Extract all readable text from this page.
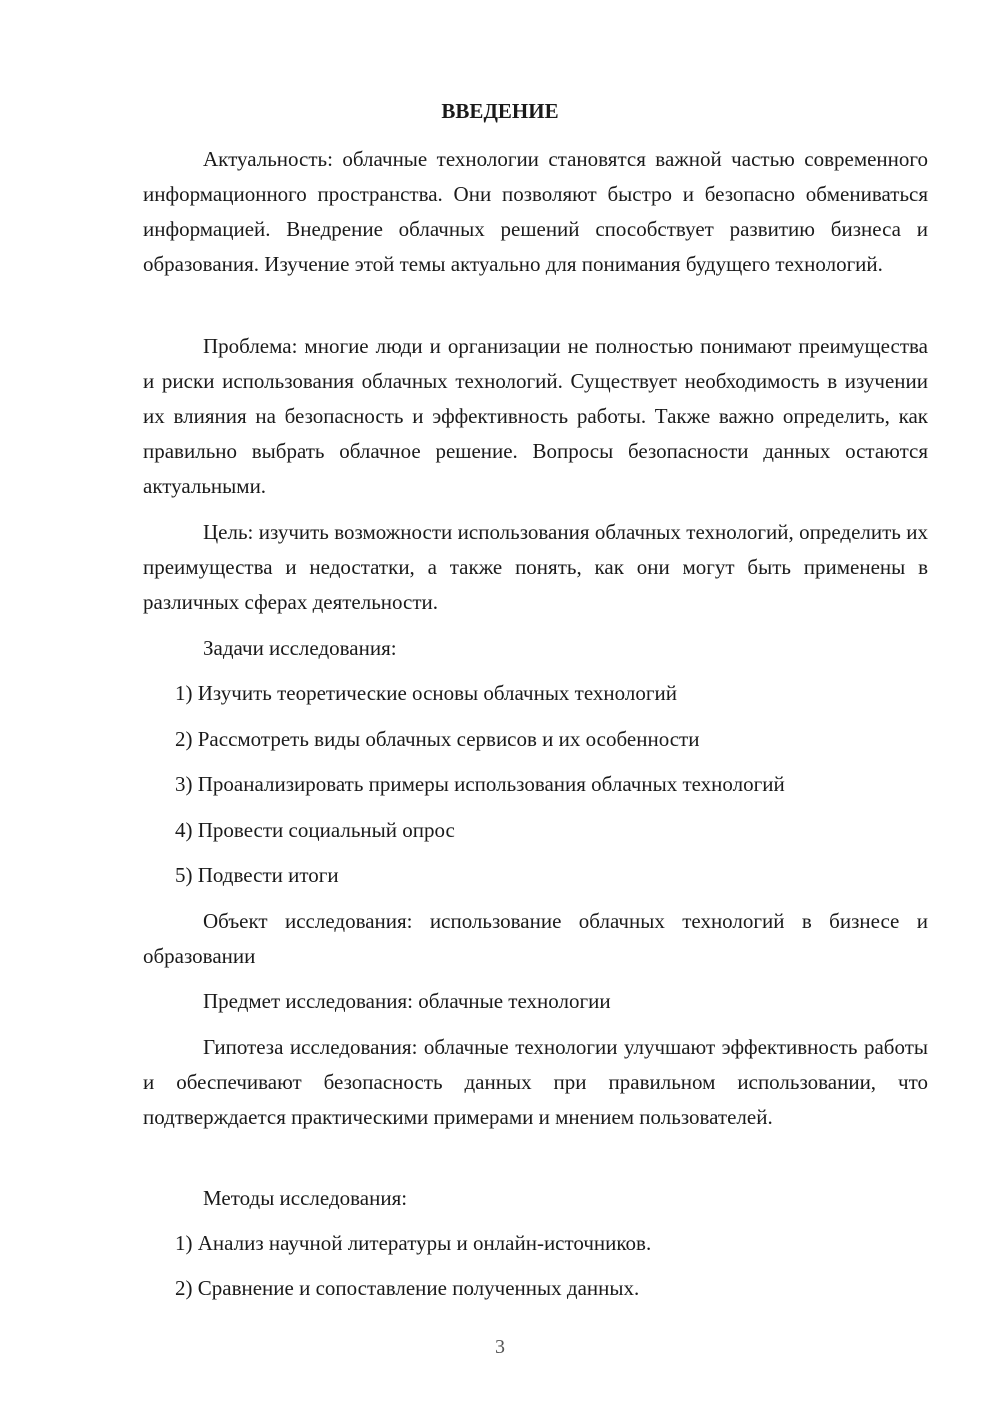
ВВЕДЕНИЕ

Актуальность: облачные технологии становятся важной частью современного информационного пространства. Они позволяют быстро и безопасно обмениваться информацией. Внедрение облачных решений способствует развитию бизнеса и образования. Изучение этой темы актуально для понимания будущего технологий.

Проблема: многие люди и организации не полностью понимают преимущества и риски использования облачных технологий. Существует необходимость в изучении их влияния на безопасность и эффективность работы. Также важно определить, как правильно выбрать облачное решение. Вопросы безопасности данных остаются актуальными.

Цель: изучить возможности использования облачных технологий, определить их преимущества и недостатки, а также понять, как они могут быть применены в различных сферах деятельности.

Задачи исследования:

1) Изучить теоретические основы облачных технологий

2) Рассмотреть виды облачных сервисов и их особенности

3) Проанализировать примеры использования облачных технологий

4) Провести социальный опрос

5) Подвести итоги

Объект исследования: использование облачных технологий в бизнесе и образовании

Предмет исследования: облачные технологии

Гипотеза исследования: облачные технологии улучшают эффективность работы и обеспечивают безопасность данных при правильном использовании, что подтверждается практическими примерами и мнением пользователей.

Методы исследования:

1) Анализ научной литературы и онлайн-источников.

2) Сравнение и сопоставление полученных данных.

3
